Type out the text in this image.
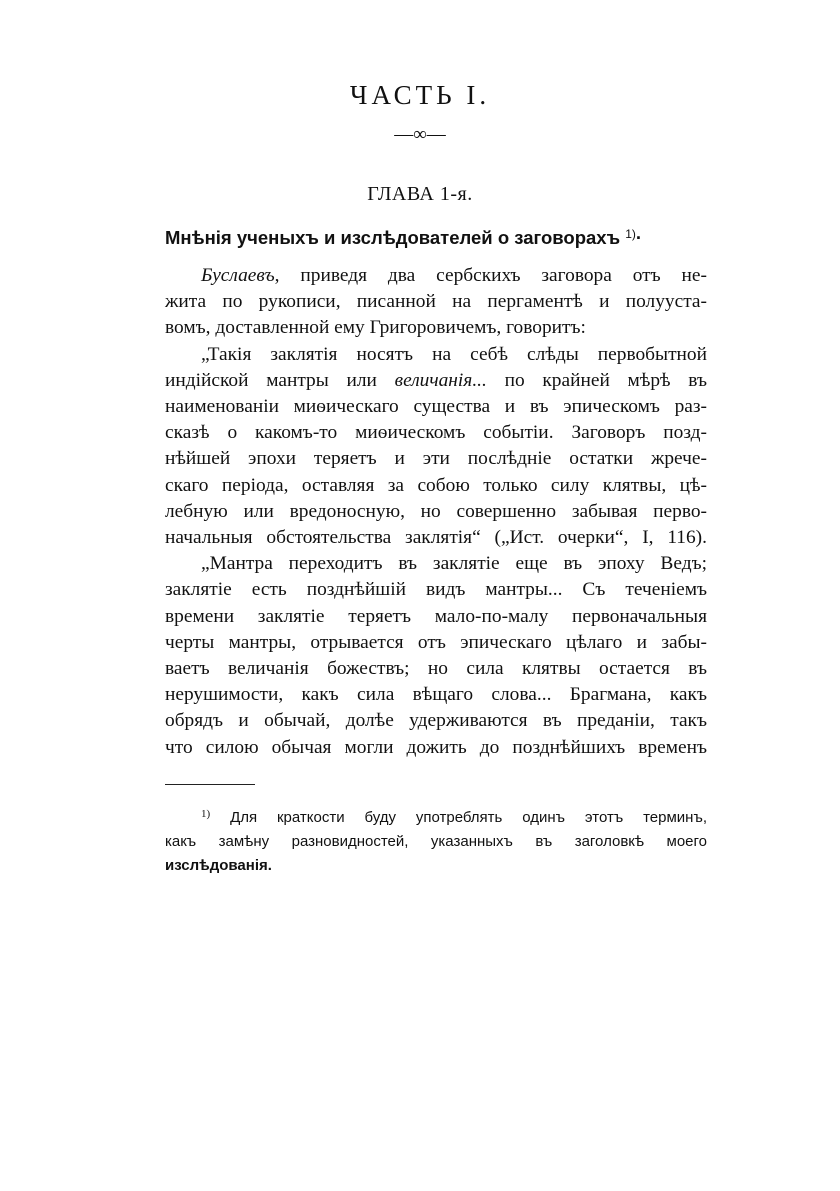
ЧАСТЬ I.
—∞—
ГЛАВА 1-я.
Мнѣнія ученыхъ и изслѣдователей о заговорахъ $^{1)}$·
Буслаевъ, приведя два сербскихъ заговора отъ не-
жита по рукописи, писанной на пергаментѣ и полууста-
вомъ, доставленной ему Григоровичемъ, говоритъ:
„Такія заклятія носятъ на себѣ слѣды первобытной
индійской мантры или величанія... по крайней мѣрѣ въ
наименованіи миѳическаго существа и въ эпическомъ раз-
сказѣ о какомъ-то миѳическомъ событіи. Заговоръ позд-
нѣйшей эпохи теряетъ и эти послѣдніе остатки жрече-
скаго періода, оставляя за собою только силу клятвы, цѣ-
лебную или вредоносную, но совершенно забывая перво-
начальныя обстоятельства заклятія“ („Ист. очерки“, I, 116).
„Мантра переходитъ въ заклятіе еще въ эпоху Ведъ;
заклятіе есть позднѣйшій видъ мантры... Съ теченіемъ
времени заклятіе теряетъ мало-по-малу первоначальныя
черты мантры, отрывается отъ эпическаго цѣлаго и забы-
ваетъ величанія божествъ; но сила клятвы остается въ
нерушимости, какъ сила вѣщаго слова... Брагмана, какъ
обрядъ и обычай, долѣе удерживаются въ преданіи, такъ
что силою обычая могли дожить до позднѣйшихъ временъ
$^{1)}$ Для краткости буду употреблять одинъ этотъ терминъ,
какъ замѣну разновидностей, указанныхъ въ заголовкѣ моего
изслѣдованія.
